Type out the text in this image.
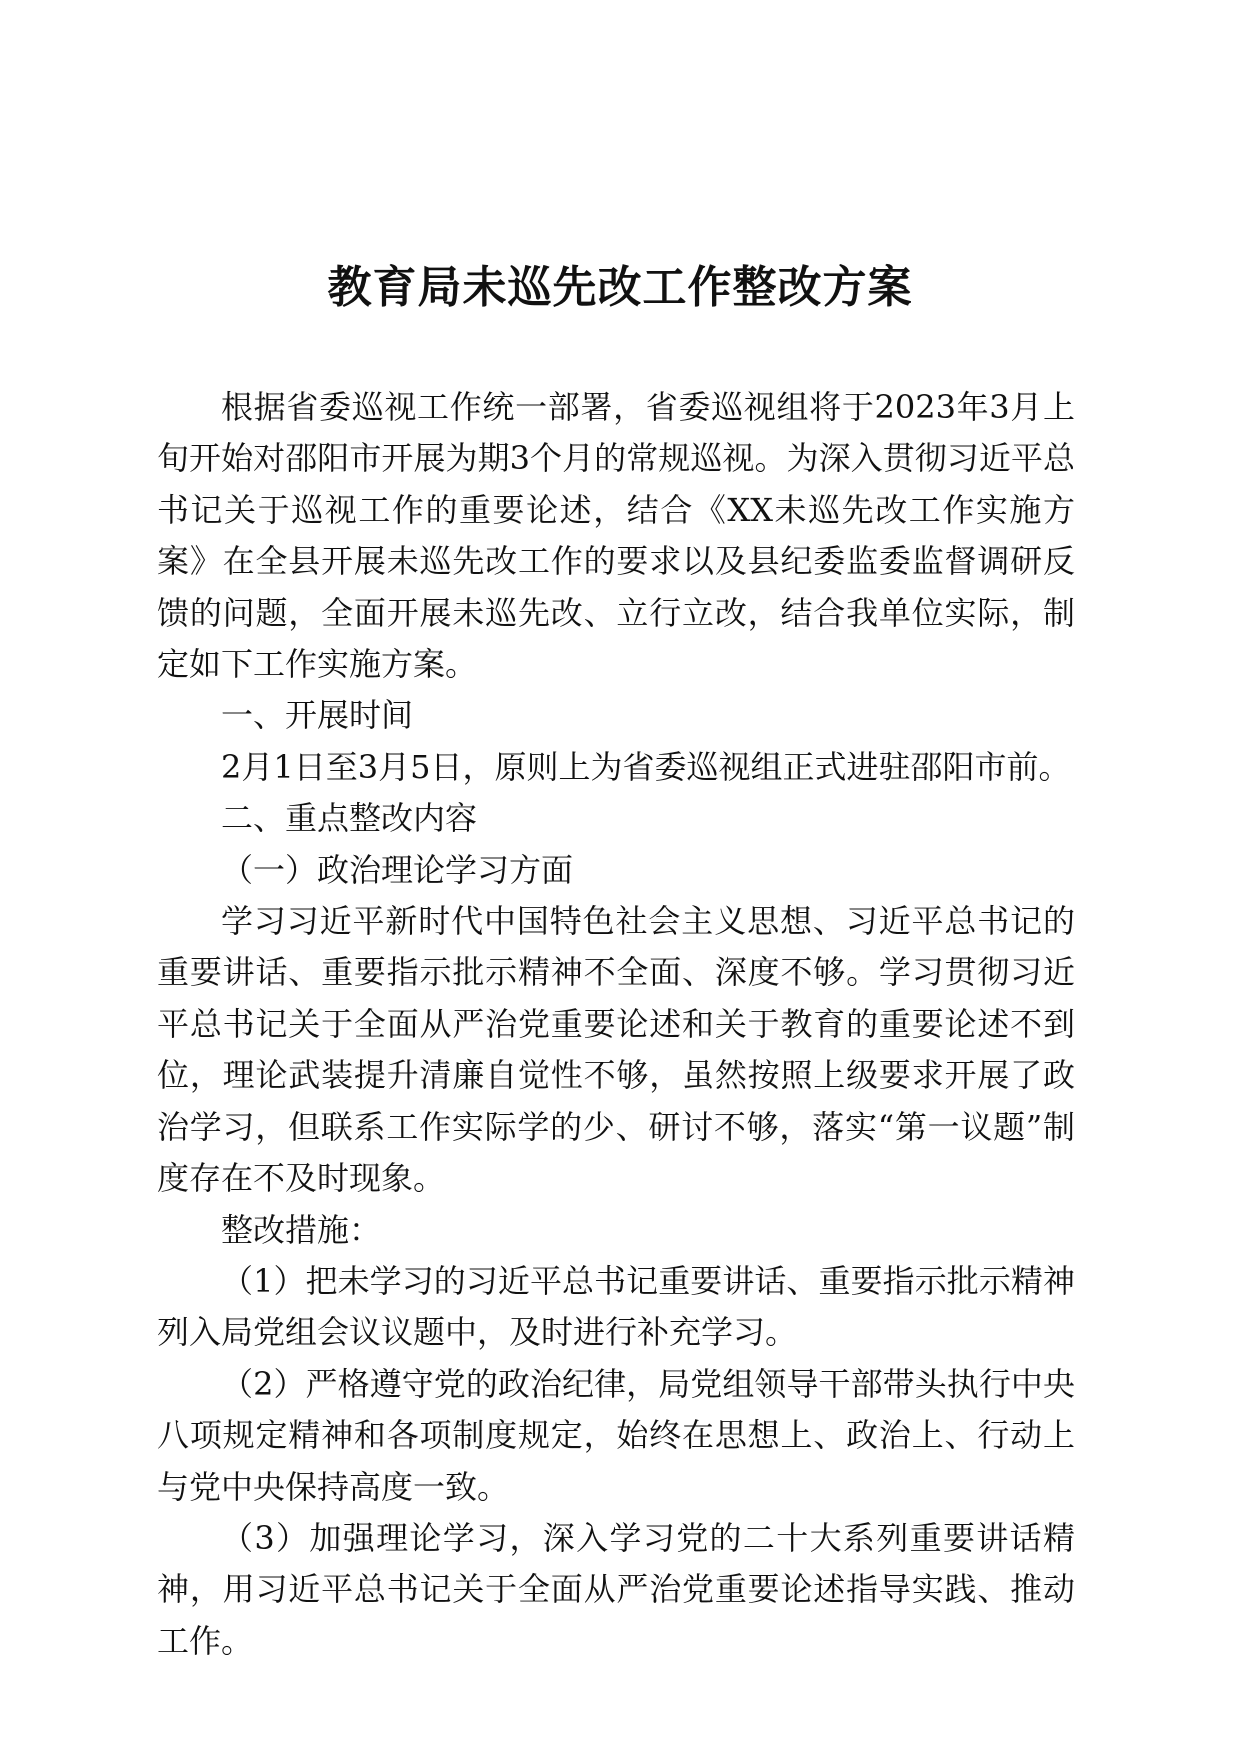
教育局未巡先改工作整改方案

根据省委巡视工作统一部署，省委巡视组将于2023年3月上旬开始对邵阳市开展为期3个月的常规巡视。为深入贯彻习近平总书记关于巡视工作的重要论述，结合《XX未巡先改工作实施方案》在全县开展未巡先改工作的要求以及县纪委监委监督调研反馈的问题，全面开展未巡先改、立行立改，结合我单位实际，制定如下工作实施方案。

一、开展时间

2月1日至3月5日，原则上为省委巡视组正式进驻邵阳市前。

二、重点整改内容

（一）政治理论学习方面

学习习近平新时代中国特色社会主义思想、习近平总书记的重要讲话、重要指示批示精神不全面、深度不够。学习贯彻习近平总书记关于全面从严治党重要论述和关于教育的重要论述不到位，理论武装提升清廉自觉性不够，虽然按照上级要求开展了政治学习，但联系工作实际学的少、研讨不够，落实“第一议题”制度存在不及时现象。

整改措施：

（1）把未学习的习近平总书记重要讲话、重要指示批示精神列入局党组会议议题中，及时进行补充学习。

（2）严格遵守党的政治纪律，局党组领导干部带头执行中央八项规定精神和各项制度规定，始终在思想上、政治上、行动上与党中央保持高度一致。

（3）加强理论学习，深入学习党的二十大系列重要讲话精神，用习近平总书记关于全面从严治党重要论述指导实践、推动工作。
